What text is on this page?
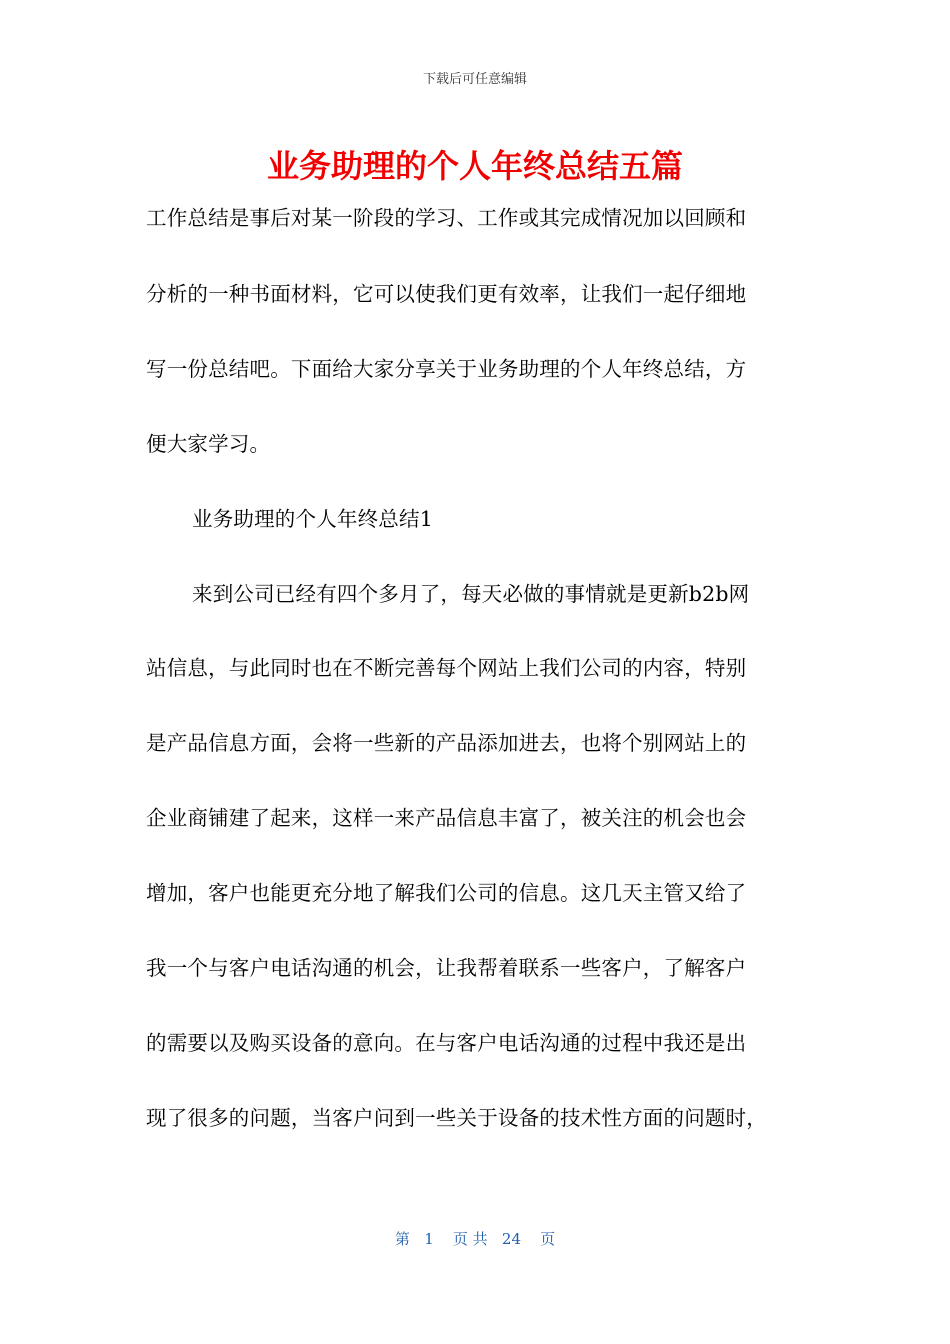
下载后可任意编辑
业务助理的个人年终总结五篇
工作总结是事后对某一阶段的学习、工作或其完成情况加以回顾和
分析的一种书面材料，它可以使我们更有效率，让我们一起仔细地
写一份总结吧。下面给大家分享关于业务助理的个人年终总结，方
便大家学习。
业务助理的个人年终总结1
来到公司已经有四个多月了，每天必做的事情就是更新b2b网
站信息，与此同时也在不断完善每个网站上我们公司的内容，特别
是产品信息方面，会将一些新的产品添加进去，也将个别网站上的
企业商铺建了起来，这样一来产品信息丰富了，被关注的机会也会
增加，客户也能更充分地了解我们公司的信息。这几天主管又给了
我一个与客户电话沟通的机会，让我帮着联系一些客户，了解客户
的需要以及购买设备的意向。在与客户电话沟通的过程中我还是出
现了很多的问题，当客户问到一些关于设备的技术性方面的问题时，
第   1    页 共   24    页
